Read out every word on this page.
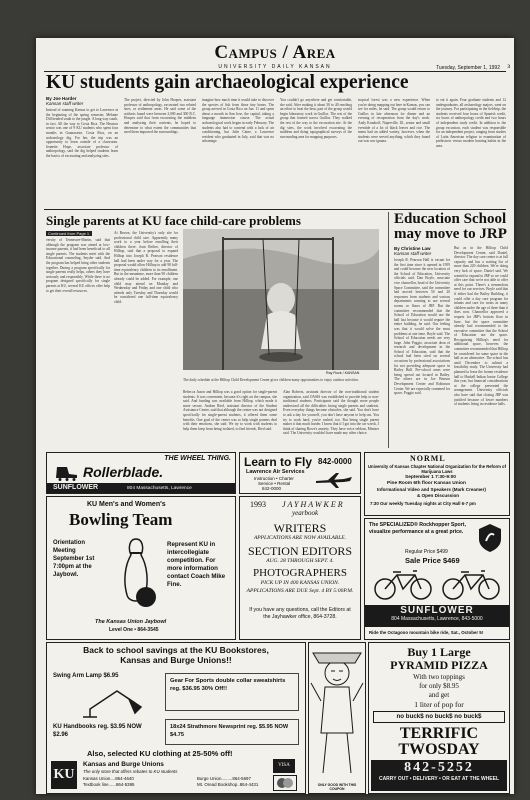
Campus / Area
UNIVERSITY DAILY KANSAN	Tuesday, September 1, 1992 3
KU students gain archaeological experience
By Joe Harder
Kansan staff writer
Instead of roaming Kansas to get to Lawrence at the beginning of the spring semester, Melanie Dill headed south to the jungle. A long way south, in fact. All the way to Costa Rica. The Hesston senior was one of 9 KU students who spent four months in Guanacaste, Costa Rica, on an archaeology dig. For her, the trip was an opportunity to learn outside of a classroom. Jeanette Hope, associate professor of anthropology, said the dig helped students learn the basics of excavating and analyzing sites.
The project, directed by John Hoopes, assistant professor of anthropology, excavated two related sites, or settlement areas. He said some of the artifacts found were between 2,000 and 300 B.C. Hoopes said that from excavating the middens and analyzing their contents, he hoped to determine to what extent the communities that used them impacted the surroundings.
imagine how much time it would take to discover the species of fish from those tiny bones. The group arrived in Costa Rica on Jan. 11 and spent about a month in San Jose, the capital, taking a language immersion course. The actual archaeological work began in early February. The students also had to contend with a lack of air conditioning, but Julie Caine, a Lawrence resident who graduated in July, said that was no advantage.
You couldn't go anywhere and get comfortable, she said. After making it about 30 to 40 reaching an effort to beat the heat, part of the group would begin laboratory work in Guillos. The rest of the group that formed across Guillos. They walked the rest of the way to the excavation site. At the dig sites, the work involved excavating the middens and doing topographical surveys of the surrounding area for mapping purposes.
tropical forest was a new experience. When you're doing mapping out here in Kansas, you can see for miles, he said. The group would return to Guillos in late afternoon for dinner and an evening of recuperation from the day's work. Andy Krauhoff, Naperville, Ill., senior and small eventide of a lot of black leaves and rice. The menu had an added variety, however, when the students were served anything, which they found out was raw iguana.
to eat it again. Four graduate students and 12 undergraduates, all archaeology majors, went on the journey. For participating in the fieldtrip, the students received four hours of Spanish credit, six hours of anthropology credit and two hours of independent study credit. In addition to the group excursion, each student was responsible for an independent project, ranging from studies of Latin American religion to examination of prehistoric versus modern hunting habits in the area.
Single parents at KU face child-care problems
Continued from Page 1.
versity of Tennessee-Martin, said that although the program was aimed at low-income parents, it had been beneficial to all single parents. The students meet with the Educational counseling, Snyder said. And the program has helped bring other students together. During a program specifically for single parents really helps, others they have seriously and responsibly. While there is no program designed specifically for single parents at KU, several KU offices offer help to get their overall resources.
At Brown, the University's only site for professional child care. Apparently many work to a year before enrolling their children there. Joan Reiber, director of Hilltop, said that a proposal to expand Hilltop into Joseph R. Pearson residence hall had been under way for a year. The proposal would allow Hilltop to add 98 full-time equivalency children to its enrollment. But in the meantime, more than 90 children already could be added. For example, one child may attend on Monday and Wednesday and Friday and one child who attends only Tuesday and Thursday would be considered one full-time equivalency child.
Rebecca Jaxon and Hilltop was a good option for single-parent students. It was convenient, because it's right on the campus, she said. And funding was available from Hilltop, which made it more secure. Andrea Ried, assistant director of the Student Assistance Center, said that although the center was not designed specifically for single-parent students, it offered them some benefits. One goal of the center was to help single parents deal with their emotions, she said. We try to work with students to help them keep from being isolated, to find friends, Ried said.
Alan Roberts, assistant director of the non-traditional student organization, said OASIS was established to provide help to non-traditional students. Participants said the thought more people understood all the difficulties facing single parents and students. Even everyday things become obstacles, she said. You don't have to ask a day for yourself, you don't have anyone to help out. You try to work hard, you're rushed, too. But being single parent makes it that much harder. I know that if I got into the car wreck, I think of sharing Rowe's anxiety. They have voice seldom, Mintzer said. The University wouldn't have made any other choice.
Ray Rock / KANSAN
The daily schedule at the Hilltop Child Development Center gives children many opportunities to enjoy outdoor activities.
Education School may move to JRP
By Christine Law
Kansan staff writer
Joseph R. Pearson Hall is vacant for the first time since it opened in 1959 and could become the new location of the School of Education, University officials said. Dan Boyle, associate vice chancellor, head of the University Space Committee, said the committee had moved between 50 and 20 responses from students and various departments wanting to use several rooms or floors of JRP. But the committee recommended that the School of Education would use the hall last because it would require the entire building, he said. Our feeling was that it would solve the most problems at one time, Boyle said. The School of Education needs are very large. John Poggio, associate dean of research and development in the School of Education, said that the school had been cited on several occasions by professional associations for not providing adequate space in Bailey Hall. Pre-school areas were being spread out located in Bailey. The others are in Joe Benson Development Center and Robinson Center. We are especially crammed for space, Poggio said.
But as in the Hilltop Child Development Center, said Daniel, director. The day care center is at full capacity and has a waiting list of more than 220 children. We're doing very lack of space, Daniel said. We wanted to expand to JRP so we could offer care that we're not able to offer at this point. There's a tremendous need for our services. Boyle said that if either had the Bailey Building, it could offer a day care program for infants and care for twins as many children under the age of three than it does now. Chancellor approved a request for JRP's bottom floor in June, but the space committee already had recommended to the executive committee that the School of Education use the space. Recognizing Hilltop's need for additional space, however, the committee recommended that Hilltop be considered for some space in the hall as an alternative. The school has until December to submit a feasibility study. The University had planned to lease the former residence hall to Haskell Indian Junior College this year, but financial considerations at the college prevented the arrangement. University officials also have said that closing JRP was justified because of lower numbers of students living in residence halls.
THE WHEEL THING.
Rollerblade.
SUNFLOWER	804 Massachusetts, Lawrence
Learn to Fly 842-0000
Lawrence Air Services
Instruction • Charter
Service • Rental
842-0000
NORML
University of Kansas Chapter National Organization for the Reform of Marijuana Laws
September 1 7:30-9:00
Pine Room 6th floor Kansas Union
Informational Video and Speakers (Mark Creamer)
& Open Discussion
7:30 Our weekly Tuesday nights at City Hall 6-7 pm
KU Men's and Women's
Bowling Team
Orientation Meeting September 1st 7:00pm at the Jaybowl.
Represent KU in intercollegiate competition. For more information contact Coach Mike Fine.
The Kansas Union Jaybowl
Level One • 864-3545
1993 JAYHAWKER
yearbook
WRITERS
APPLICATIONS ARE NOW AVAILABLE.
SECTION EDITORS
AUG. 28 THROUGH SEPT. 4.
PHOTOGRAPHERS
PICK UP IN 400 KANSAS UNION.
APPLICATIONS ARE DUE Sept. 4 BY 5:00P.M.
If you have any questions, call the Editors at the Jayhawker office, 864-3728.
The SPECIALIZED® Rockhopper Sport, visualize performance at a great price.
Regular Price $499
Sale Price $469
SUNFLOWER
804 Massachusetts, Lawrence, 843-5000
Ride the Octagono mountain bike ride, Sat., October 5!
Back to school savings at the KU Bookstores,
Kansas and Burge Unions!!
Swing Arm Lamp $6.95
Gear For Sports double collar sweatshirts reg. $36.95 30% Off!!
KU Handbooks reg. $3.95 NOW $2.96
18x24 Strathmore Newsprint reg. $5.95 NOW $4.75
Also, selected KU clothing at 25-50% off!
KU
Kansas and Burge Unions
The only store that offers rebates to KU students
Kansas Union....864-4640
Textbook line......864-5395
Burge Union.........864-5697
Mt. Oread Bookshop..864-4431
VISA
ONLY GOOD WITH THIS COUPON
Buy 1 Large
PYRAMID PIZZA
With two toppings
for only $8.95
and get
1 liter of pop for
no buck$ no buck$ no buck$
TERRIFIC
TWOSDAY
842-5252
CARRY OUT • DELIVERY • OR EAT AT THE WHEEL
